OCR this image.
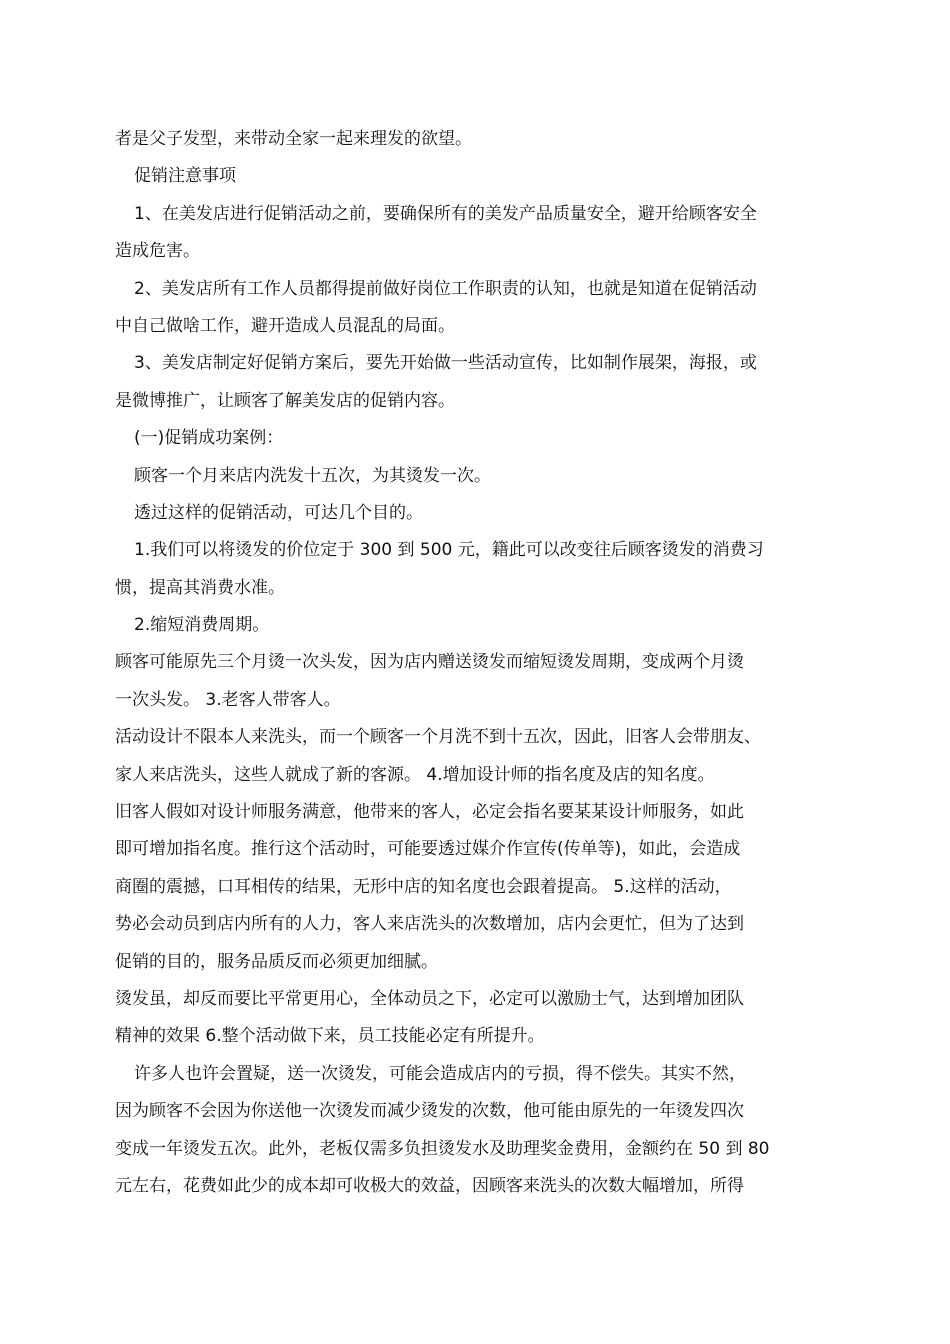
者是父子发型，来带动全家一起来理发的欲望。
促销注意事项
1、在美发店进行促销活动之前，要确保所有的美发产品质量安全，避开给顾客安全
造成危害。
2、美发店所有工作人员都得提前做好岗位工作职责的认知，也就是知道在促销活动
中自己做啥工作，避开造成人员混乱的局面。
3、美发店制定好促销方案后，要先开始做一些活动宣传，比如制作展架，海报，或
是微博推广，让顾客了解美发店的促销内容。
(一)促销成功案例：
顾客一个月来店内洗发十五次，为其烫发一次。
透过这样的促销活动，可达几个目的。
1.我们可以将烫发的价位定于 300 到 500 元，籍此可以改变往后顾客烫发的消费习
惯，提高其消费水准。
2.缩短消费周期。
顾客可能原先三个月烫一次头发，因为店内赠送烫发而缩短烫发周期，变成两个月烫
一次头发。 3.老客人带客人。
活动设计不限本人来洗头，而一个顾客一个月洗不到十五次，因此，旧客人会带朋友、
家人来店洗头，这些人就成了新的客源。 4.增加设计师的指名度及店的知名度。
旧客人假如对设计师服务满意，他带来的客人，必定会指名要某某设计师服务，如此
即可增加指名度。推行这个活动时，可能要透过媒介作宣传(传单等)，如此，会造成
商圈的震撼，口耳相传的结果，无形中店的知名度也会跟着提高。 5.这样的活动，
势必会动员到店内所有的人力，客人来店洗头的次数增加，店内会更忙，但为了达到
促销的目的，服务品质反而必须更加细腻。
烫发虽，却反而要比平常更用心，全体动员之下，必定可以激励士气，达到增加团队
精神的效果 6.整个活动做下来，员工技能必定有所提升。
许多人也许会置疑，送一次烫发，可能会造成店内的亏损，得不偿失。其实不然，
因为顾客不会因为你送他一次烫发而减少烫发的次数，他可能由原先的一年烫发四次
变成一年烫发五次。此外，老板仅需多负担烫发水及助理奖金费用，金额约在 50 到 80
元左右，花费如此少的成本却可收极大的效益，因顾客来洗头的次数大幅增加，所得
